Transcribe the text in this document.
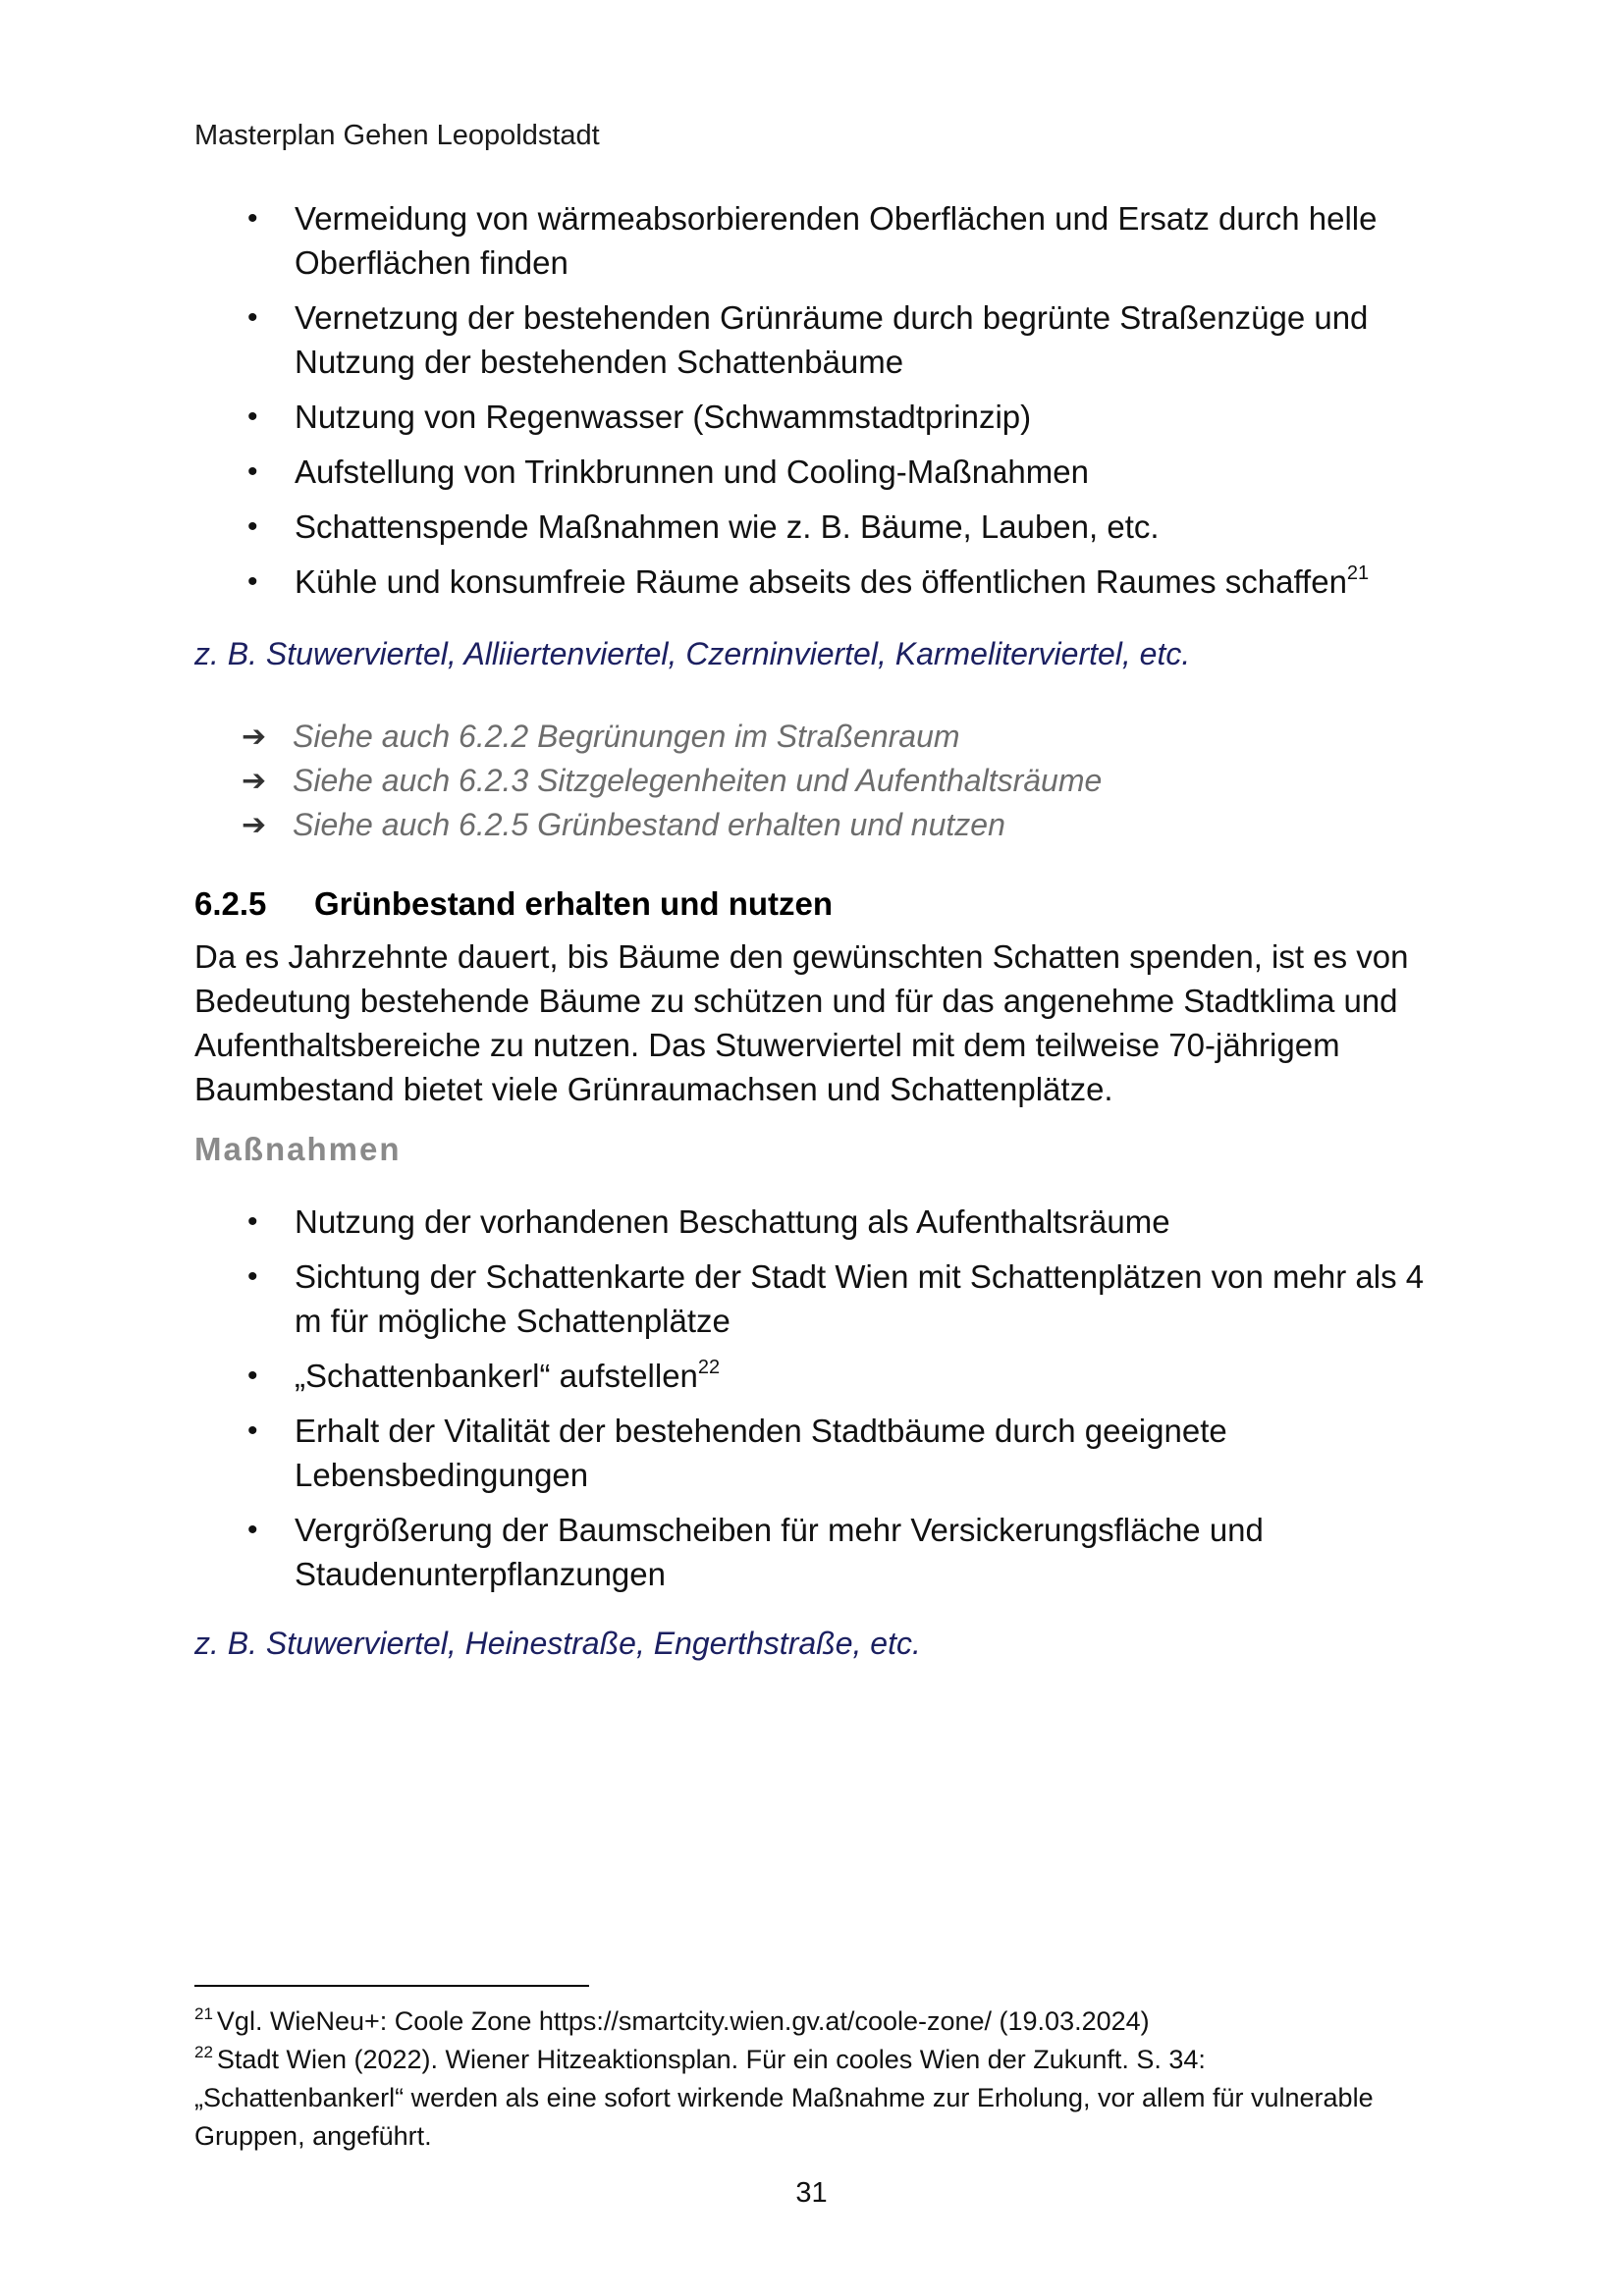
Masterplan Gehen Leopoldstadt
• Vermeidung von wärmeabsorbierenden Oberflächen und Ersatz durch helle Oberflächen finden
• Vernetzung der bestehenden Grünräume durch begrünte Straßenzüge und Nutzung der bestehenden Schattenbäume
• Nutzung von Regenwasser (Schwammstadtprinzip)
• Aufstellung von Trinkbrunnen und Cooling-Maßnahmen
• Schattenspende Maßnahmen wie z. B. Bäume, Lauben, etc.
• Kühle und konsumfreie Räume abseits des öffentlichen Raumes schaffen$^{21}$
z. B. Stuwerviertel, Alliiertenviertel, Czerninviertel, Karmeliterviertel, etc.
➔ Siehe auch 6.2.2 Begrünungen im Straßenraum
➔ Siehe auch 6.2.3 Sitzgelegenheiten und Aufenthaltsräume
➔ Siehe auch 6.2.5 Grünbestand erhalten und nutzen
6.2.5 Grünbestand erhalten und nutzen

Da es Jahrzehnte dauert, bis Bäume den gewünschten Schatten spenden, ist es von Bedeutung bestehende Bäume zu schützen und für das angenehme Stadtklima und Aufenthaltsbereiche zu nutzen. Das Stuwerviertel mit dem teilweise 70-jährigem Baumbestand bietet viele Grünraumachsen und Schattenplätze.

Maßnahmen
• Nutzung der vorhandenen Beschattung als Aufenthaltsräume
• Sichtung der Schattenkarte der Stadt Wien mit Schattenplätzen von mehr als 4 m für mögliche Schattenplätze
• „Schattenbankerl“ aufstellen$^{22}$
• Erhalt der Vitalität der bestehenden Stadtbäume durch geeignete Lebensbedingungen
• Vergrößerung der Baumscheiben für mehr Versickerungsfläche und Staudenunterpflanzungen
z. B. Stuwerviertel, Heinestraße, Engerthstraße, etc.

$^{21}$ Vgl. WieNeu+: Coole Zone https://smartcity.wien.gv.at/coole-zone/ (19.03.2024)

$^{22}$ Stadt Wien (2022). Wiener Hitzeaktionsplan. Für ein cooles Wien der Zukunft. S. 34: „Schattenbankerl“ werden als eine sofort wirkende Maßnahme zur Erholung, vor allem für vulnerable Gruppen, angeführt.

31
